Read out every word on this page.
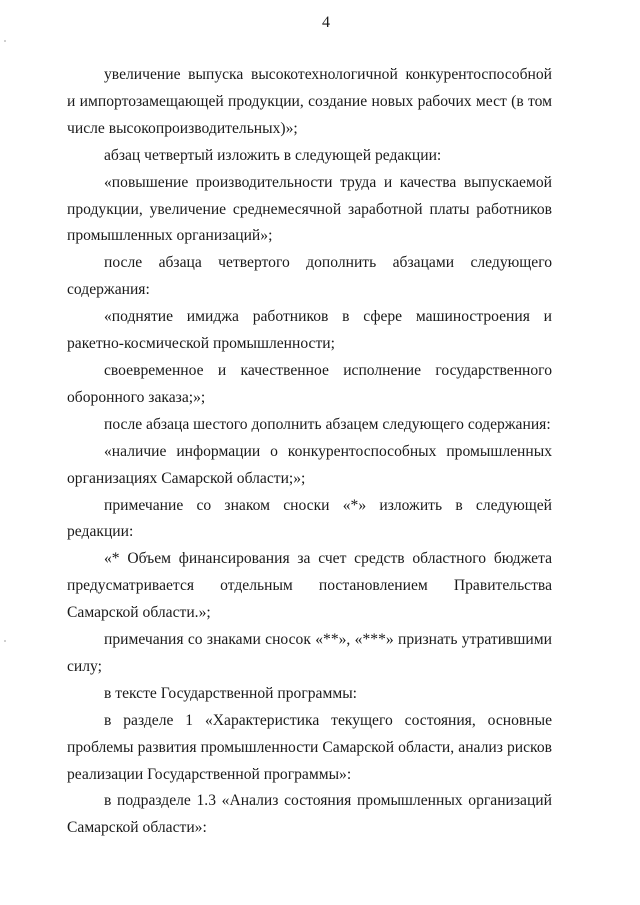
4

увеличение выпуска высокотехнологичной конкурентоспособной и импортозамещающей продукции, создание новых рабочих мест (в том числе высокопроизводительных)»;

абзац четвертый изложить в следующей редакции:

«повышение производительности труда и качества выпускаемой продукции, увеличение среднемесячной заработной платы работников промышленных организаций»;

после абзаца четвертого дополнить абзацами следующего содержания:

«поднятие имиджа работников в сфере машиностроения и ракетно-космической промышленности;

своевременное и качественное исполнение государственного оборонного заказа;»;

после абзаца шестого дополнить абзацем следующего содержания:

«наличие информации о конкурентоспособных промышленных организациях Самарской области;»;

примечание со знаком сноски «*» изложить в следующей редакции:

«* Объем финансирования за счет средств областного бюджета предусматривается отдельным постановлением Правительства Самарской области.»;

примечания со знаками сносок «**», «***» признать утратившими силу;

в тексте Государственной программы:

в разделе 1 «Характеристика текущего состояния, основные проблемы развития промышленности Самарской области, анализ рисков реализации Государственной программы»:

в подразделе 1.3 «Анализ состояния промышленных организаций Самарской области»:
